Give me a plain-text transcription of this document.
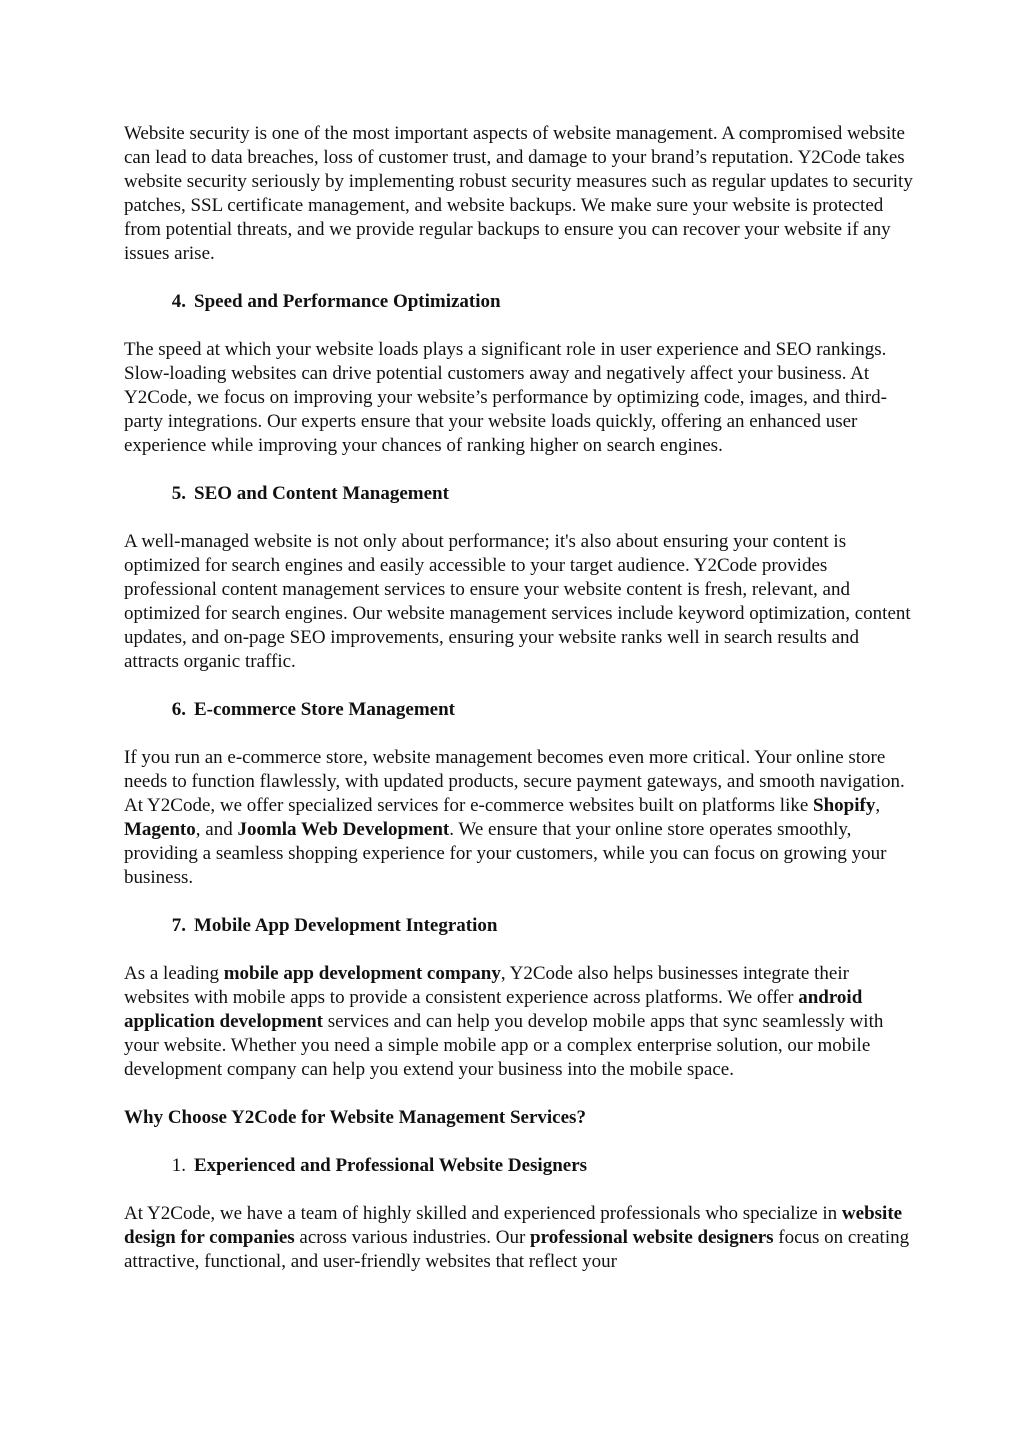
Website security is one of the most important aspects of website management. A compromised website can lead to data breaches, loss of customer trust, and damage to your brand’s reputation. Y2Code takes website security seriously by implementing robust security measures such as regular updates to security patches, SSL certificate management, and website backups. We make sure your website is protected from potential threats, and we provide regular backups to ensure you can recover your website if any issues arise.

4. Speed and Performance Optimization

The speed at which your website loads plays a significant role in user experience and SEO rankings. Slow-loading websites can drive potential customers away and negatively affect your business. At Y2Code, we focus on improving your website’s performance by optimizing code, images, and third-party integrations. Our experts ensure that your website loads quickly, offering an enhanced user experience while improving your chances of ranking higher on search engines.

5. SEO and Content Management

A well-managed website is not only about performance; it's also about ensuring your content is optimized for search engines and easily accessible to your target audience. Y2Code provides professional content management services to ensure your website content is fresh, relevant, and optimized for search engines. Our website management services include keyword optimization, content updates, and on-page SEO improvements, ensuring your website ranks well in search results and attracts organic traffic.

6. E-commerce Store Management

If you run an e-commerce store, website management becomes even more critical. Your online store needs to function flawlessly, with updated products, secure payment gateways, and smooth navigation. At Y2Code, we offer specialized services for e-commerce websites built on platforms like Shopify, Magento, and Joomla Web Development. We ensure that your online store operates smoothly, providing a seamless shopping experience for your customers, while you can focus on growing your business.

7. Mobile App Development Integration

As a leading mobile app development company, Y2Code also helps businesses integrate their websites with mobile apps to provide a consistent experience across platforms. We offer android application development services and can help you develop mobile apps that sync seamlessly with your website. Whether you need a simple mobile app or a complex enterprise solution, our mobile development company can help you extend your business into the mobile space.

Why Choose Y2Code for Website Management Services?
1. Experienced and Professional Website Designers

At Y2Code, we have a team of highly skilled and experienced professionals who specialize in website design for companies across various industries. Our professional website designers focus on creating attractive, functional, and user-friendly websites that reflect your
